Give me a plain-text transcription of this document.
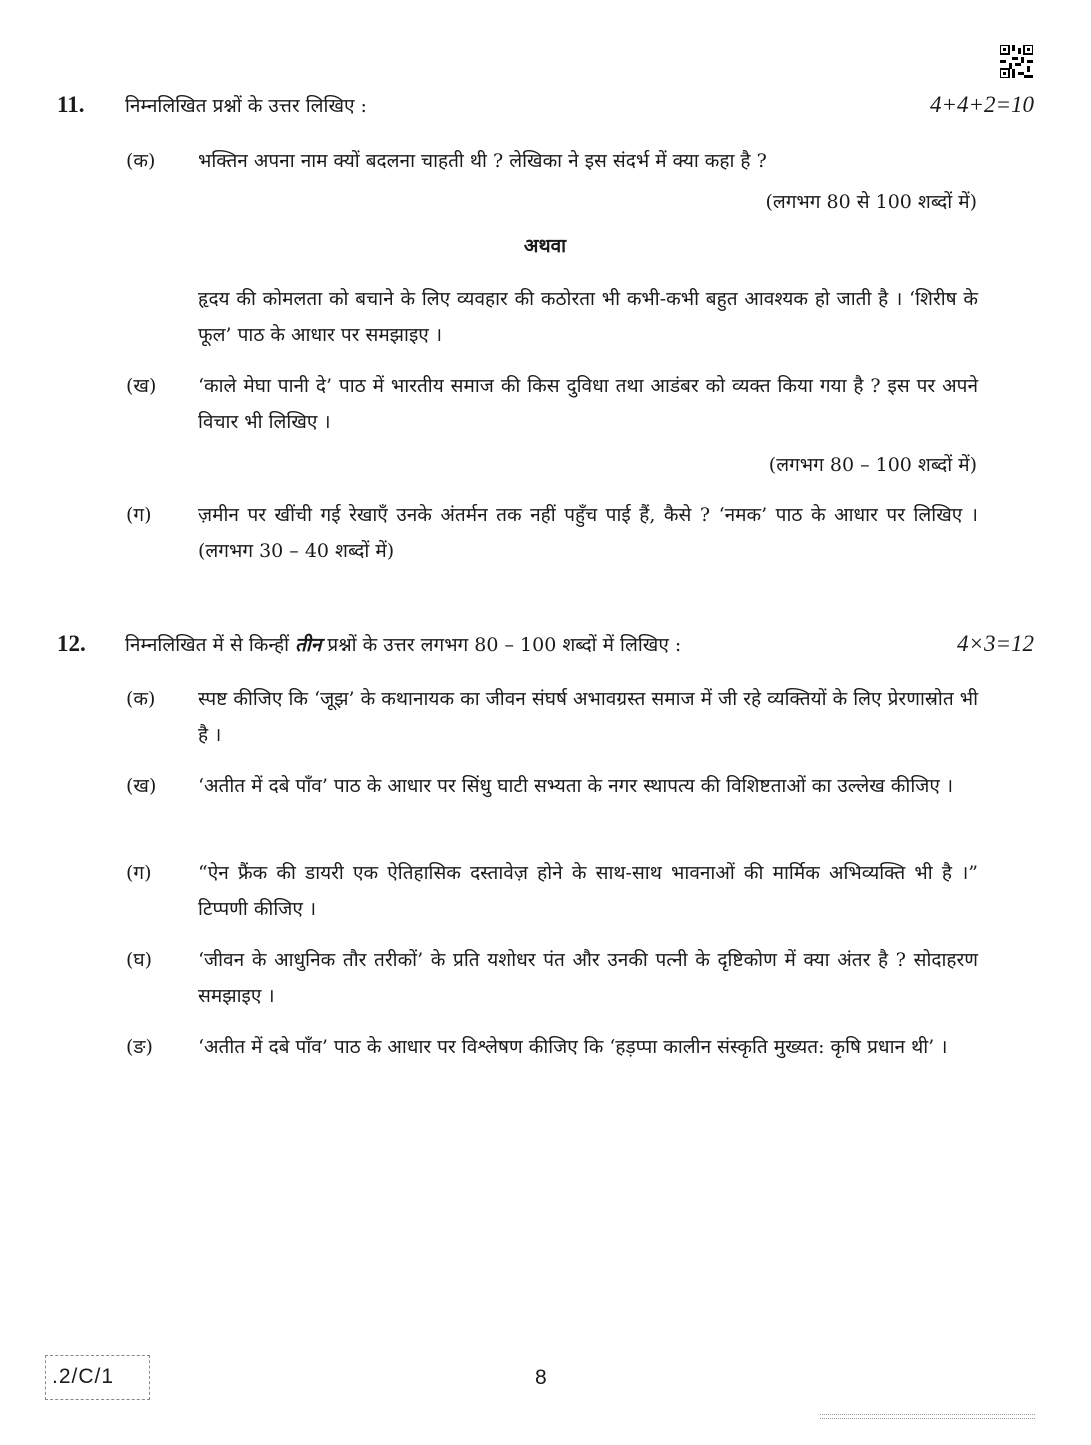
11. निम्नलिखित प्रश्नों के उत्तर लिखिए :	4+4+2=10
(क)	भक्तिन अपना नाम क्यों बदलना चाहती थी ? लेखिका ने इस संदर्भ में क्या कहा है ?
(लगभग 80 से 100 शब्दों में)
अथवा
हृदय की कोमलता को बचाने के लिए व्यवहार की कठोरता भी कभी-कभी बहुत आवश्यक हो जाती है । ‘शिरीष के फूल’ पाठ के आधार पर समझाइए ।
(ख)	‘काले मेघा पानी दे’ पाठ में भारतीय समाज की किस दुविधा तथा आडंबर को व्यक्त किया गया है ? इस पर अपने विचार भी लिखिए ।
(लगभग 80 – 100 शब्दों में)
(ग)	ज़मीन पर खींची गई रेखाएँ उनके अंतर्मन तक नहीं पहुँच पाई हैं, कैसे ? ‘नमक’ पाठ के आधार पर लिखिए । (लगभग 30 – 40 शब्दों में)
12. निम्नलिखित में से किन्हीं तीन प्रश्नों के उत्तर लगभग 80 – 100 शब्दों में लिखिए :	4×3=12
(क)	स्पष्ट कीजिए कि ‘जूझ’ के कथानायक का जीवन संघर्ष अभावग्रस्त समाज में जी रहे व्यक्तियों के लिए प्रेरणास्रोत भी है ।
(ख)	‘अतीत में दबे पाँव’ पाठ के आधार पर सिंधु घाटी सभ्यता के नगर स्थापत्य की विशिष्टताओं का उल्लेख कीजिए ।
(ग)	“ऐन फ्रैंक की डायरी एक ऐतिहासिक दस्तावेज़ होने के साथ-साथ भावनाओं की मार्मिक अभिव्यक्ति भी है ।” टिप्पणी कीजिए ।
(घ)	‘जीवन के आधुनिक तौर तरीकों’ के प्रति यशोधर पंत और उनकी पत्नी के दृष्टिकोण में क्या अंतर है ? सोदाहरण समझाइए ।
(ङ)	‘अतीत में दबे पाँव’ पाठ के आधार पर विश्लेषण कीजिए कि ‘हड़प्पा कालीन संस्कृति मुख्यत: कृषि प्रधान थी’ ।
.2/C/1	8
